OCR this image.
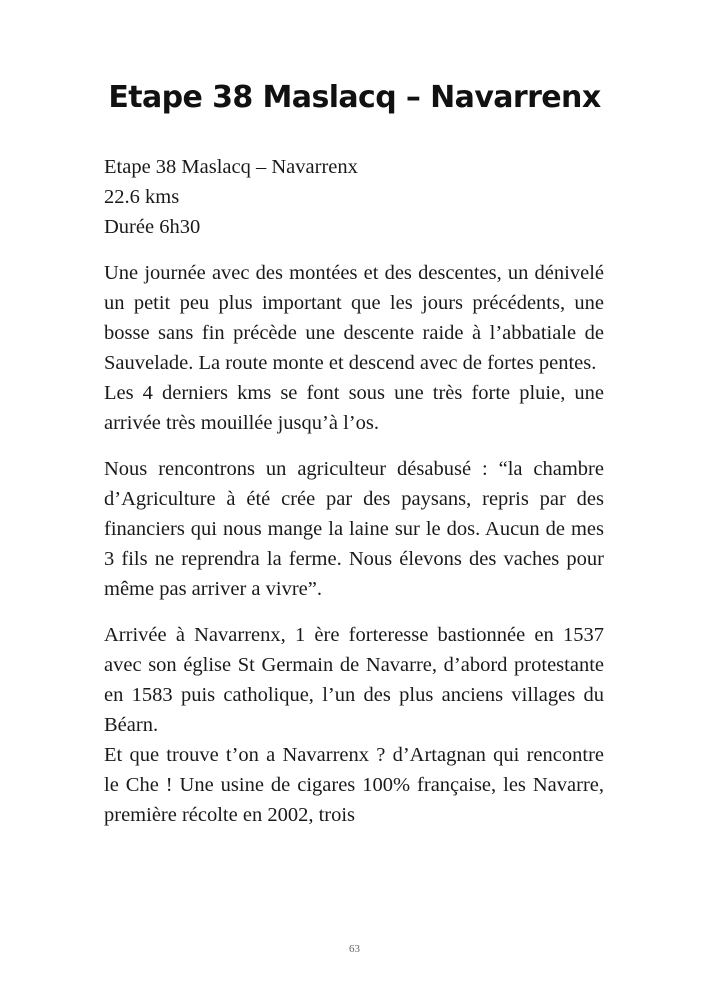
Etape 38 Maslacq – Navarrenx
Etape 38 Maslacq – Navarrenx
22.6 kms
Durée 6h30

Une journée avec des montées et des descentes, un dénivelé un petit peu plus important que les jours précédents, une bosse sans fin précède une descente raide à l’abbatiale de Sauvelade. La route monte et descend avec de fortes pentes.

Les 4 derniers kms se font sous une très forte pluie, une arrivée très mouillée jusqu’à l’os.

Nous rencontrons un agriculteur désabusé : “la chambre d’Agriculture à été crée par des paysans, repris par des financiers qui nous mange la laine sur le dos. Aucun de mes 3 fils ne reprendra la ferme. Nous élevons des vaches pour même pas arriver a vivre”.

Arrivée à Navarrenx, 1 ère forteresse bastionnée en 1537 avec son église St Germain de Navarre, d’abord protestante en 1583 puis catholique, l’un des plus anciens villages du Béarn.

Et que trouve t’on a Navarrenx ? d’Artagnan qui rencontre le Che ! Une usine de cigares 100% française, les Navarre, première récolte en 2002, trois

63
